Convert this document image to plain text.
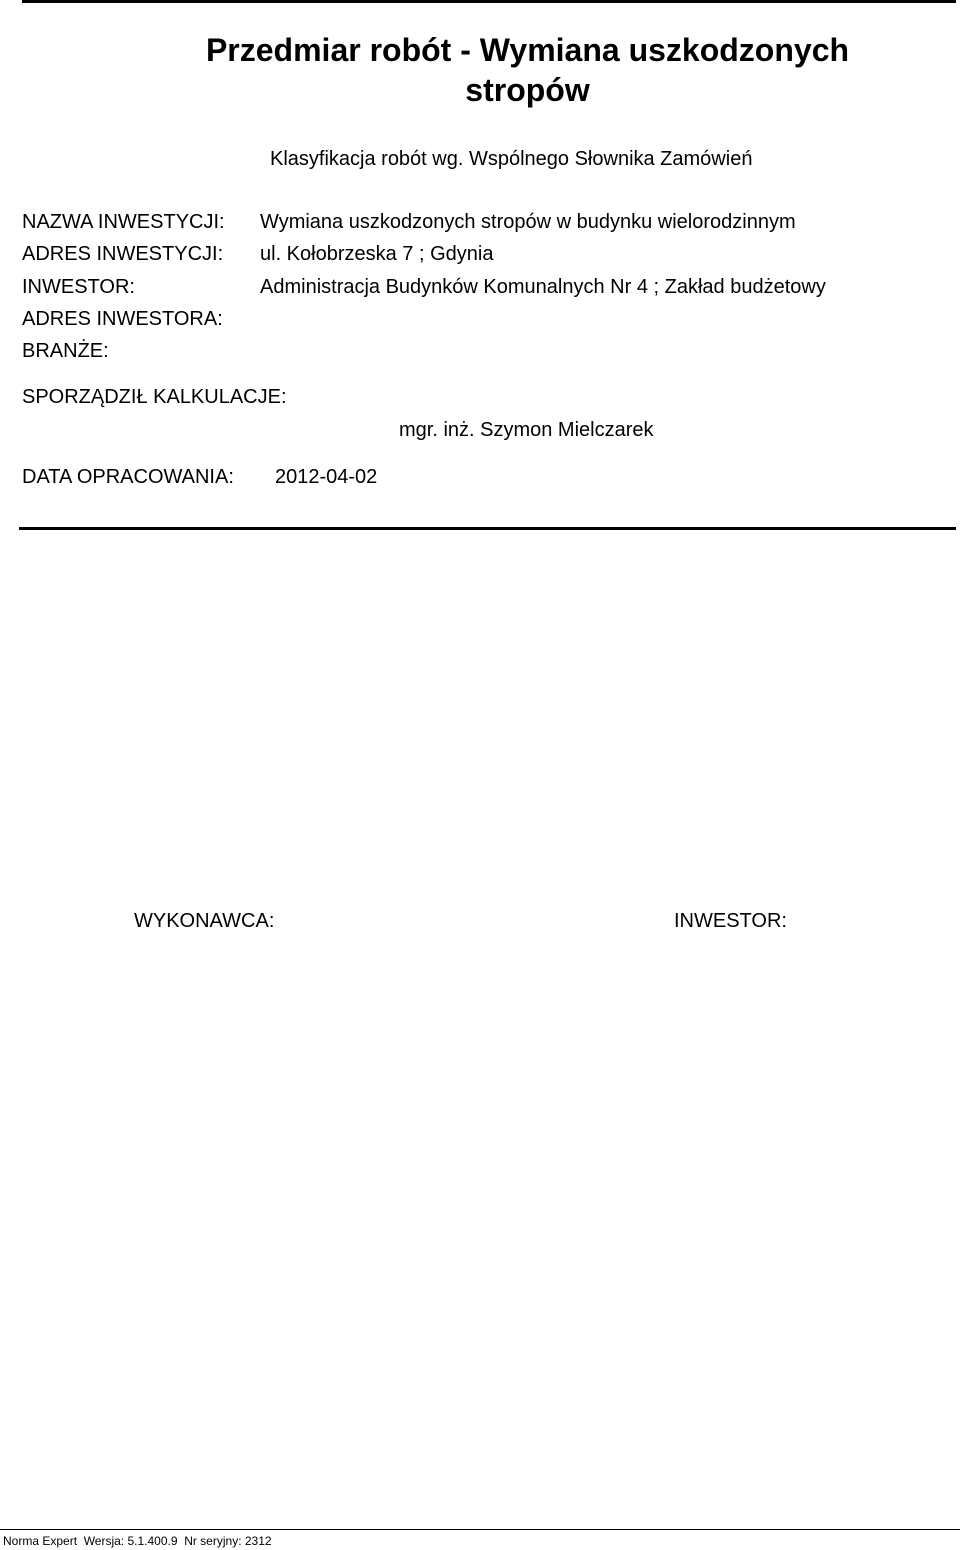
Przedmiar robót - Wymiana uszkodzonych stropów
Klasyfikacja robót wg. Wspólnego Słownika Zamówień
NAZWA INWESTYCJI: Wymiana uszkodzonych stropów w budynku wielorodzinnym
ADRES INWESTYCJI: ul. Kołobrzeska 7 ; Gdynia
INWESTOR:	Administracja Budynków Komunalnych Nr 4 ; Zakład budżetowy
ADRES INWESTORA:
BRANŻE:
SPORZĄDZIŁ KALKULACJE:
mgr. inż. Szymon Mielczarek
DATA OPRACOWANIA: 2012-04-02
WYKONAWCA:	INWESTOR:
Norma Expert  Wersja: 5.1.400.9  Nr seryjny: 2312
